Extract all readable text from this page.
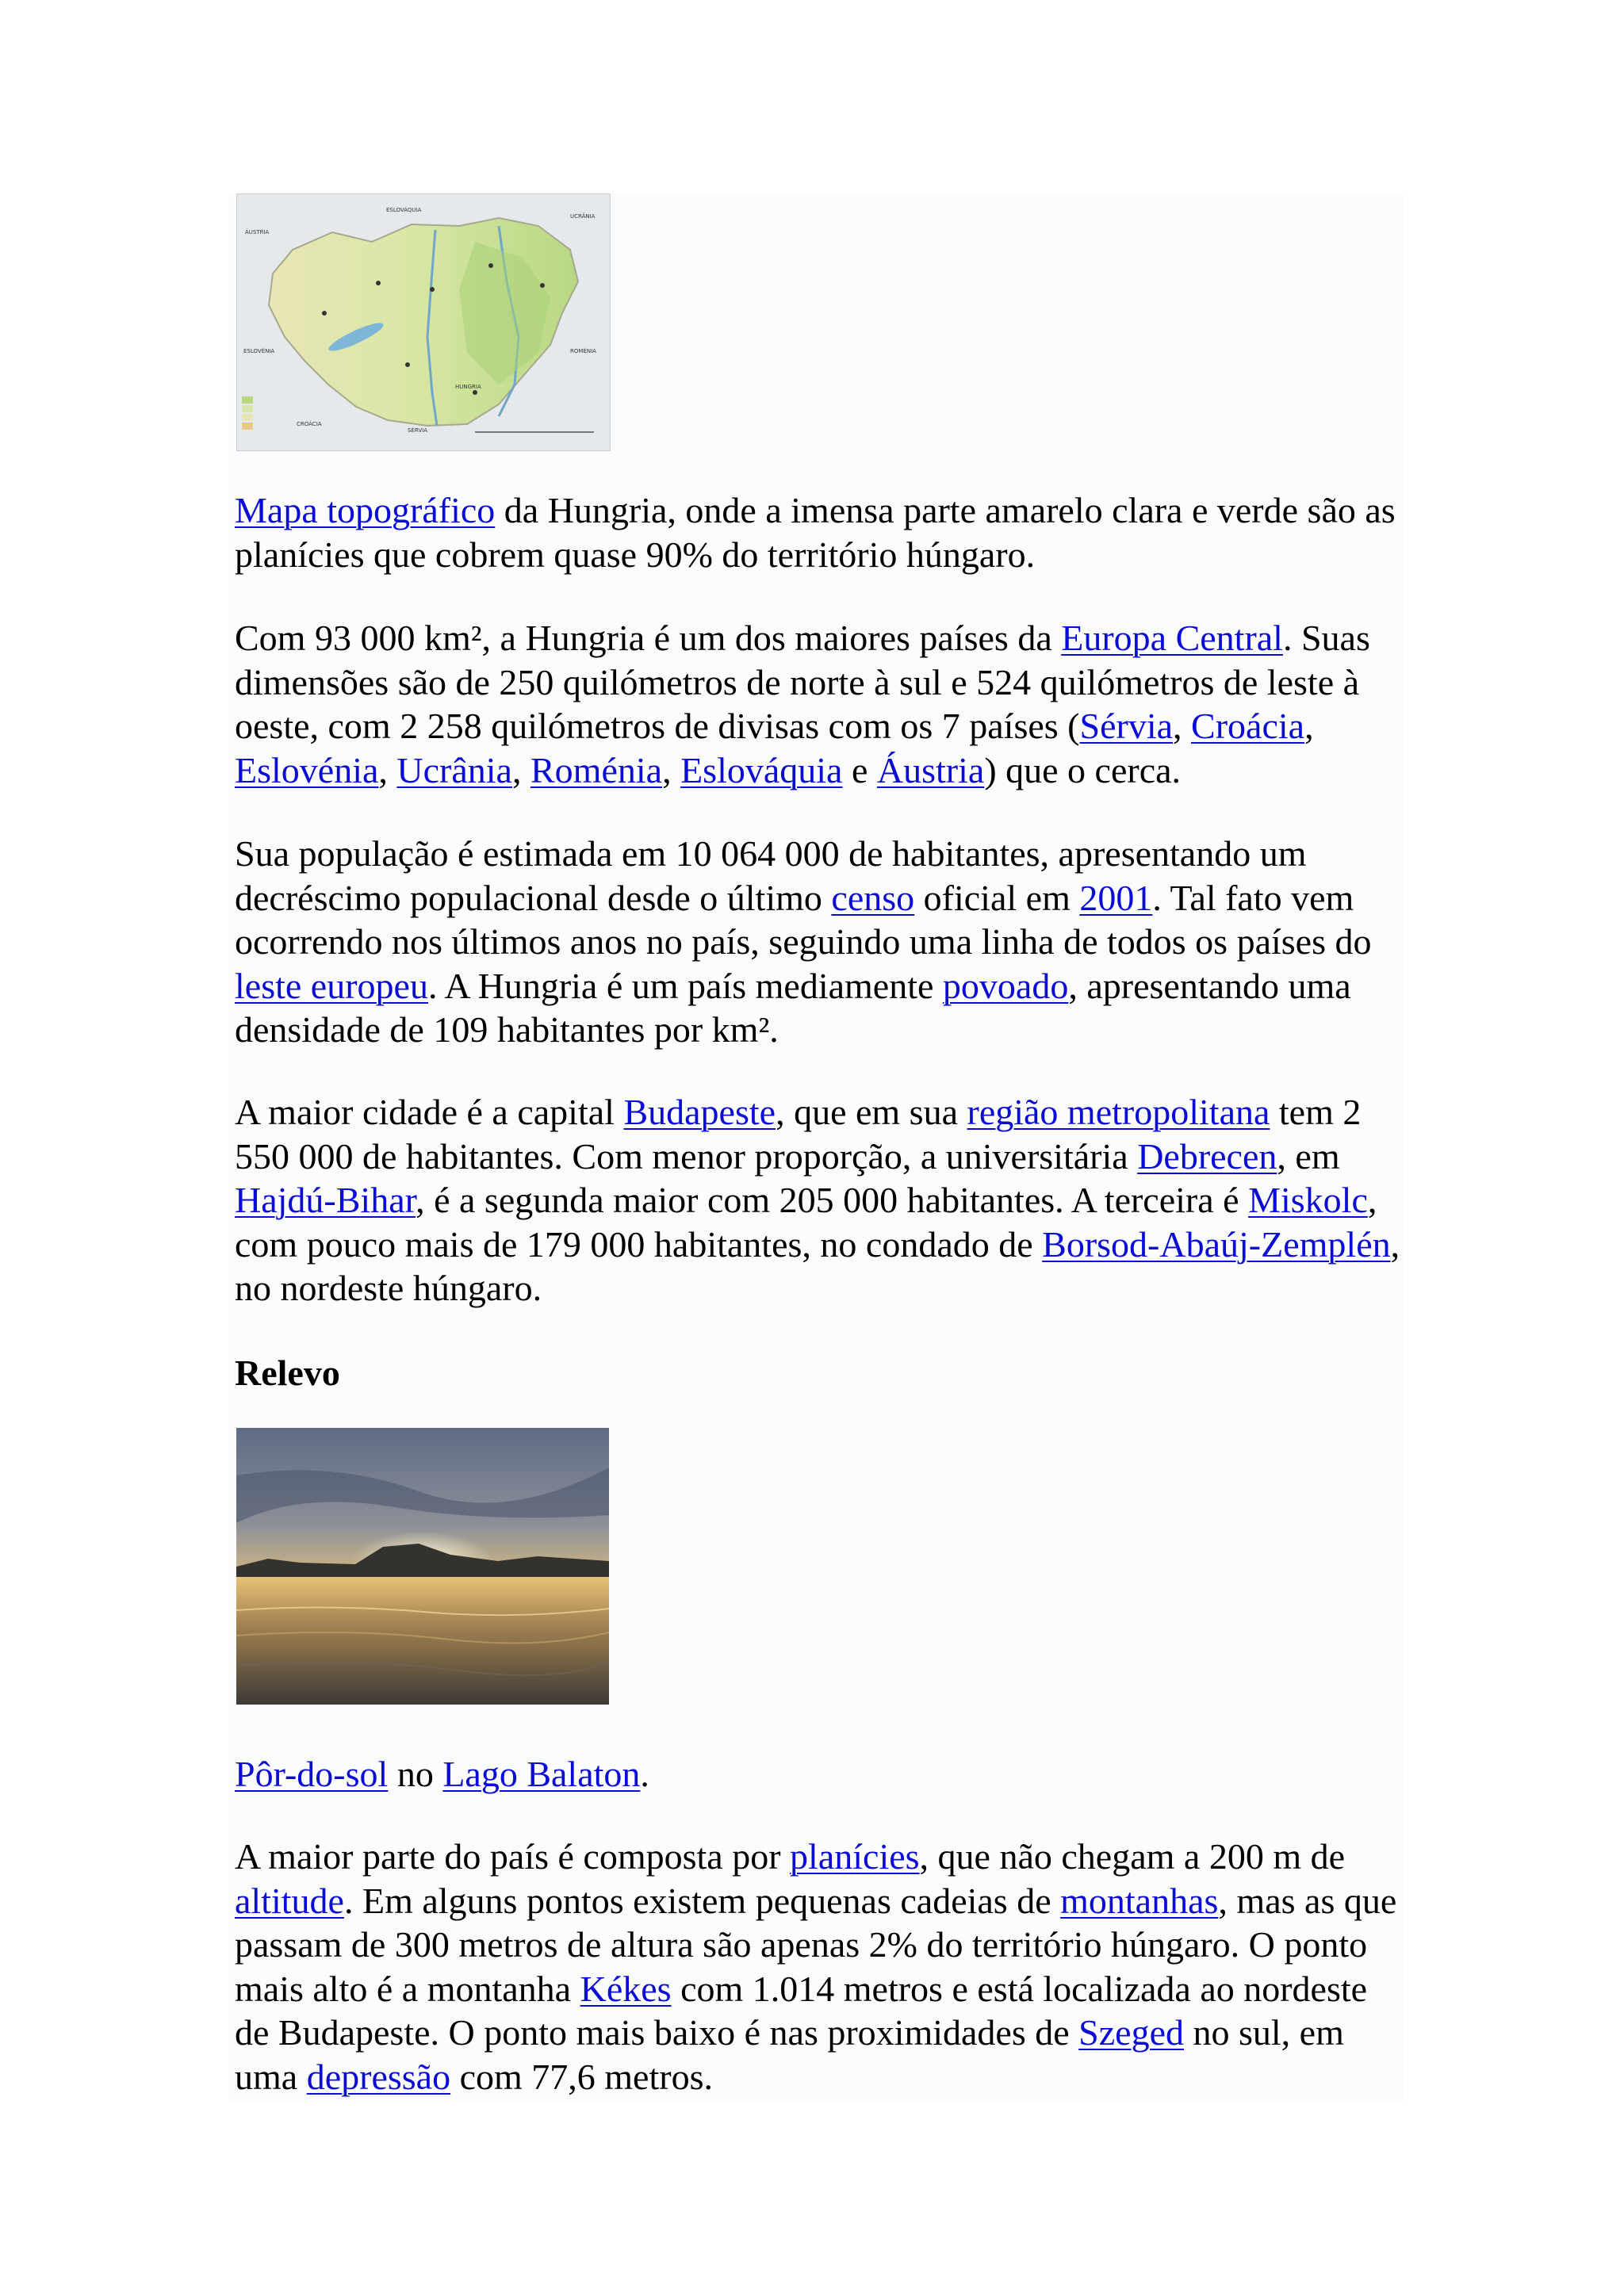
ESLOVÁQUIA
ÁUSTRIA
UCRÂNIA
ESLOVÉNIA	ROMÉNIA
CROÁCIA
SÉRVIA
HUNGRIA
Mapa topográfico da Hungria, onde a imensa parte amarelo clara e verde são as planícies que cobrem quase 90% do território húngaro.
Com 93 000 km², a Hungria é um dos maiores países da Europa Central. Suas dimensões são de 250 quilómetros de norte à sul e 524 quilómetros de leste à oeste, com 2 258 quilómetros de divisas com os 7 países (Sérvia, Croácia, Eslovénia, Ucrânia, Roménia, Eslováquia e Áustria) que o cerca.
Sua população é estimada em 10 064 000 de habitantes, apresentando um decréscimo populacional desde o último censo oficial em 2001. Tal fato vem ocorrendo nos últimos anos no país, seguindo uma linha de todos os países do leste europeu. A Hungria é um país mediamente povoado, apresentando uma densidade de 109 habitantes por km².
A maior cidade é a capital Budapeste, que em sua região metropolitana tem 2 550 000 de habitantes. Com menor proporção, a universitária Debrecen, em Hajdú-Bihar, é a segunda maior com 205 000 habitantes. A terceira é Miskolc, com pouco mais de 179 000 habitantes, no condado de Borsod-Abaúj-Zemplén, no nordeste húngaro.
Relevo
Pôr-do-sol no Lago Balaton.
A maior parte do país é composta por planícies, que não chegam a 200 m de altitude. Em alguns pontos existem pequenas cadeias de montanhas, mas as que passam de 300 metros de altura são apenas 2% do território húngaro. O ponto mais alto é a montanha Kékes com 1.014 metros e está localizada ao nordeste de Budapeste. O ponto mais baixo é nas proximidades de Szeged no sul, em uma depressão com 77,6 metros.
